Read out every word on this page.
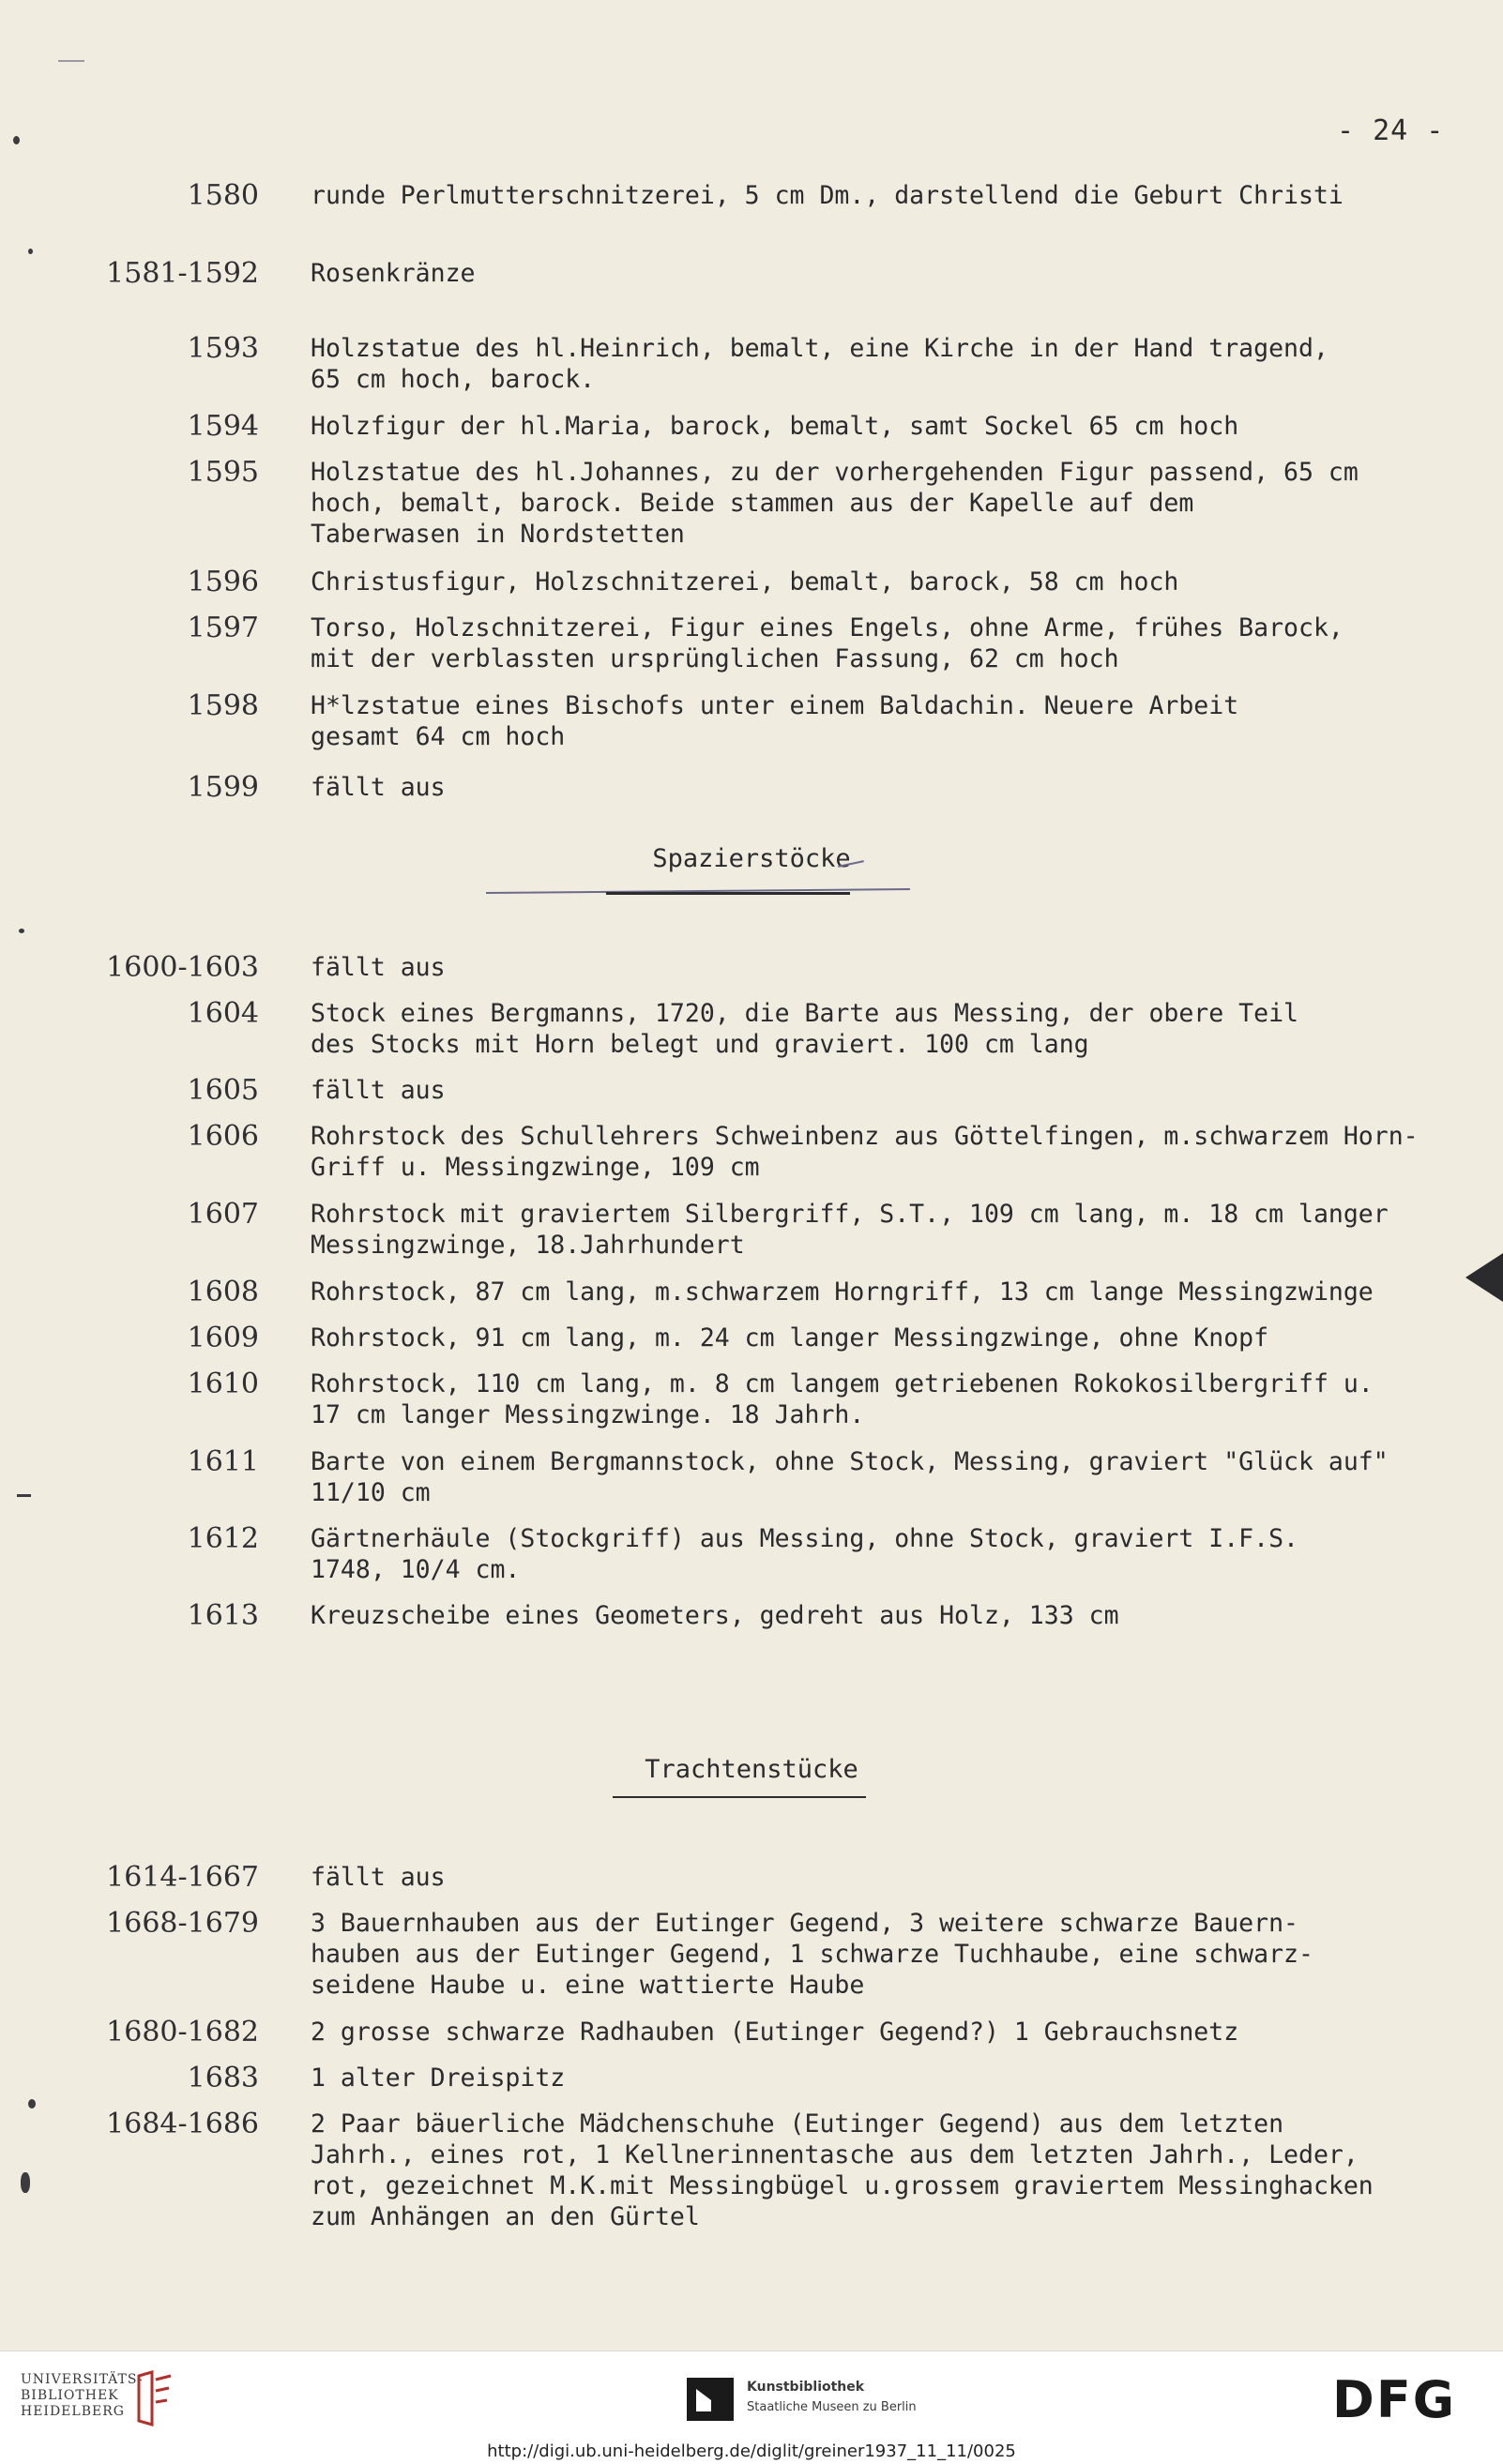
- 24 -
1580 runde Perlmutterschnitzerei, 5 cm Dm., darstellend die Geburt Christi
1581-1592 Rosenkränze
1593 Holzstatue des hl.Heinrich, bemalt, eine Kirche in der Hand tragend,
65 cm hoch, barock.
1594 Holzfigur der hl.Maria, barock, bemalt, samt Sockel 65 cm hoch
1595 Holzstatue des hl.Johannes, zu der vorhergehenden Figur passend, 65 cm
hoch, bemalt, barock. Beide stammen aus der Kapelle auf dem
Taberwasen in Nordstetten
1596 Christusfigur, Holzschnitzerei, bemalt, barock, 58 cm hoch
1597 Torso, Holzschnitzerei, Figur eines Engels, ohne Arme, frühes Barock,
mit der verblassten ursprünglichen Fassung, 62 cm hoch
1598 H*lzstatue eines Bischofs unter einem Baldachin. Neuere Arbeit
gesamt 64 cm hoch
1599 fällt aus
Spazierstöcke
1600-1603 fällt aus
1604 Stock eines Bergmanns, 1720, die Barte aus Messing, der obere Teil
des Stocks mit Horn belegt und graviert. 100 cm lang
1605 fällt aus
1606 Rohrstock des Schullehrers Schweinbenz aus Göttelfingen, m.schwarzem Horn-
Griff u. Messingzwinge, 109 cm
1607 Rohrstock mit graviertem Silbergriff, S.T., 109 cm lang, m. 18 cm langer
Messingzwinge, 18.Jahrhundert
1608 Rohrstock, 87 cm lang, m.schwarzem Horngriff, 13 cm lange Messingzwinge
1609 Rohrstock, 91 cm lang, m. 24 cm langer Messingzwinge, ohne Knopf
1610 Rohrstock, 110 cm lang, m. 8 cm langem getriebenen Rokokosilbergriff u.
17 cm langer Messingzwinge. 18 Jahrh.
1611 Barte von einem Bergmannstock, ohne Stock, Messing, graviert "Glück auf"
11/10 cm
1612 Gärtnerhäule (Stockgriff) aus Messing, ohne Stock, graviert I.F.S.
1748, 10/4 cm.
1613 Kreuzscheibe eines Geometers, gedreht aus Holz, 133 cm
Trachtenstücke
1614-1667 fällt aus
1668-1679 3 Bauernhauben aus der Eutinger Gegend, 3 weitere schwarze Bauern-
hauben aus der Eutinger Gegend, 1 schwarze Tuchhaube, eine schwarz-
seidene Haube u. eine wattierte Haube
1680-1682 2 grosse schwarze Radhauben (Eutinger Gegend?) 1 Gebrauchsnetz
1683 1 alter Dreispitz
1684-1686 2 Paar bäuerliche Mädchenschuhe (Eutinger Gegend) aus dem letzten
Jahrh., eines rot, 1 Kellnerinnentasche aus dem letzten Jahrh., Leder,
rot, gezeichnet M.K.mit Messingbügel u.grossem graviertem Messinghacken
zum Anhängen an den Gürtel
UNIVERSITÄTS- BIBLIOTHEK HEIDELBERG
Kunstbibliothek
Staatliche Museen zu Berlin	DFG
http://digi.ub.uni-heidelberg.de/diglit/greiner1937_11_11/0025
